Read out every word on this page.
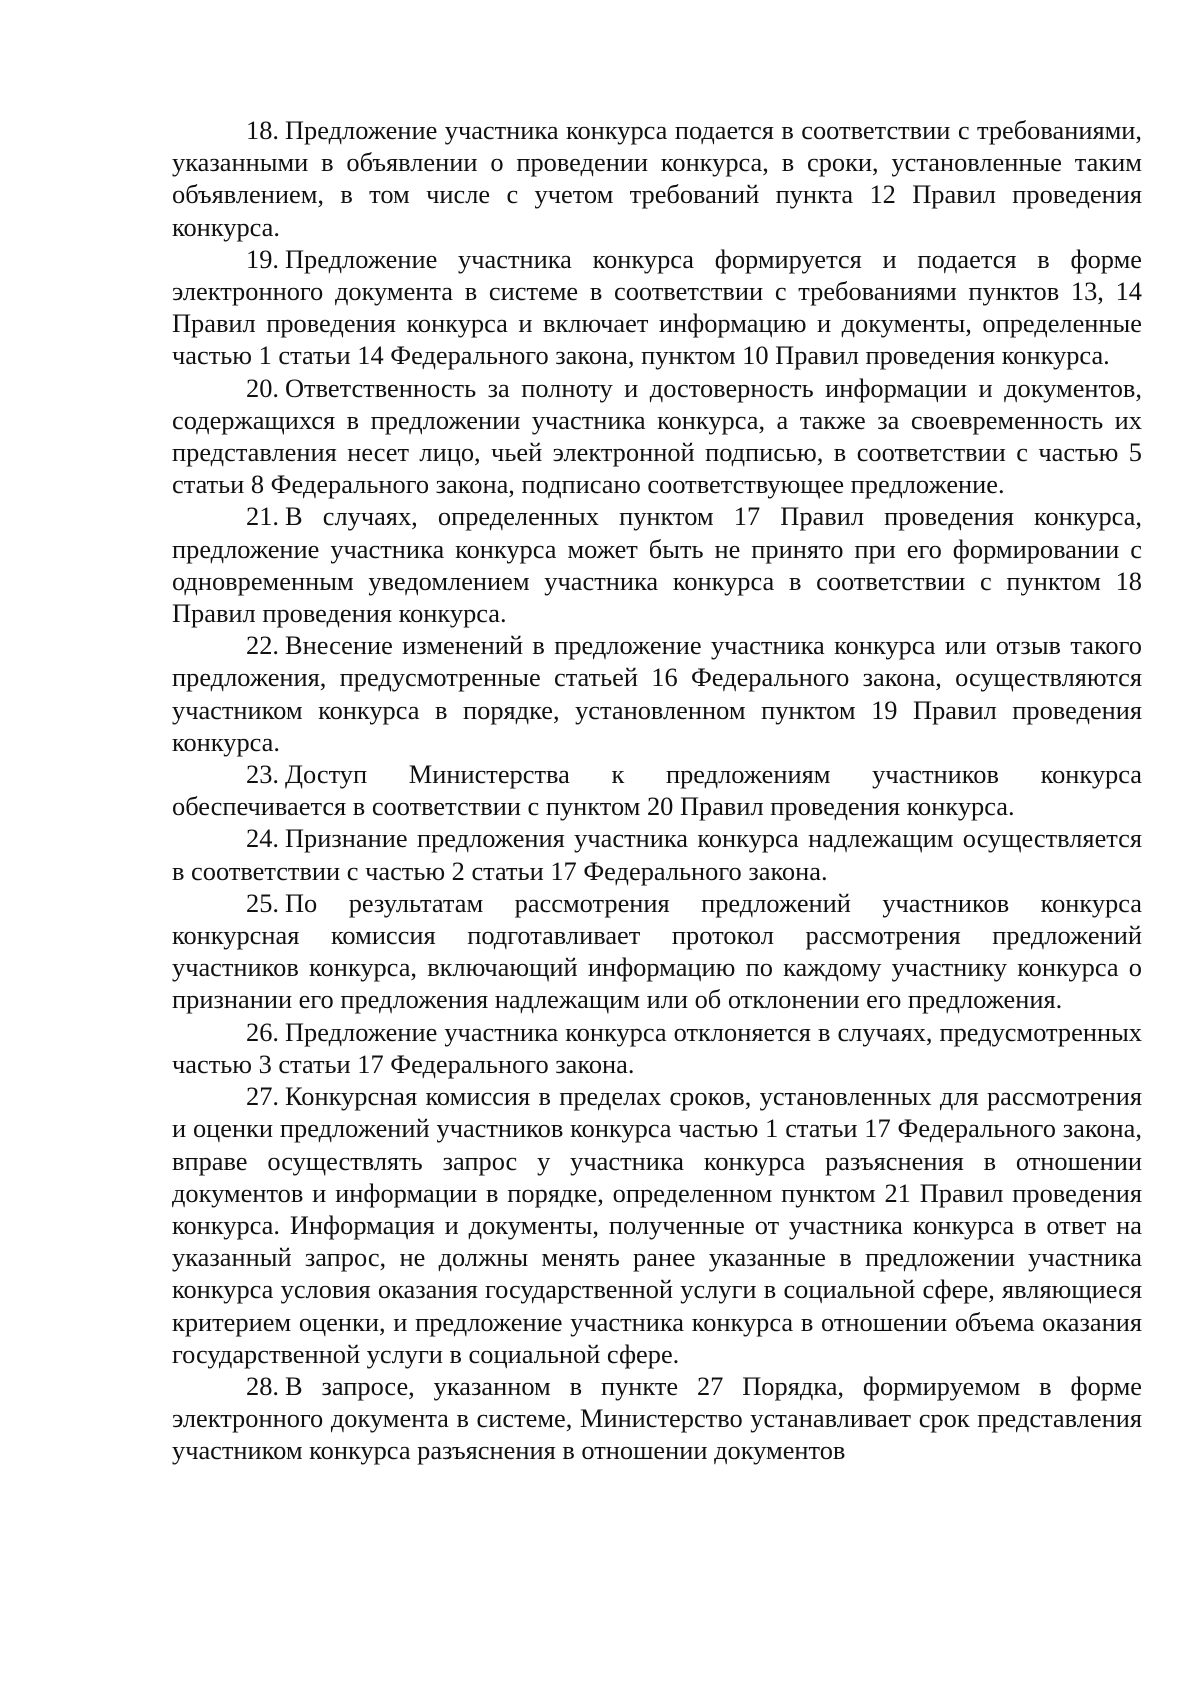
18. Предложение участника конкурса подается в соответствии с требованиями, указанными в объявлении о проведении конкурса, в сроки, установленные таким объявлением, в том числе с учетом требований пункта 12 Правил проведения конкурса.

19. Предложение участника конкурса формируется и подается в форме электронного документа в системе в соответствии с требованиями пунктов 13, 14 Правил проведения конкурса и включает информацию и документы, определенные частью 1 статьи 14 Федерального закона, пунктом 10 Правил проведения конкурса.

20. Ответственность за полноту и достоверность информации и документов, содержащихся в предложении участника конкурса, а также за своевременность их представления несет лицо, чьей электронной подписью, в соответствии с частью 5 статьи 8 Федерального закона, подписано соответствующее предложение.

21. В случаях, определенных пунктом 17 Правил проведения конкурса, предложение участника конкурса может быть не принято при его формировании с одновременным уведомлением участника конкурса в соответствии с пунктом 18 Правил проведения конкурса.

22. Внесение изменений в предложение участника конкурса или отзыв такого предложения, предусмотренные статьей 16 Федерального закона, осуществляются участником конкурса в порядке, установленном пунктом 19 Правил проведения конкурса.

23. Доступ Министерства к предложениям участников конкурса обеспечивается в соответствии с пунктом 20 Правил проведения конкурса.

24. Признание предложения участника конкурса надлежащим осуществляется в соответствии с частью 2 статьи 17 Федерального закона.

25. По результатам рассмотрения предложений участников конкурса конкурсная комиссия подготавливает протокол рассмотрения предложений участников конкурса, включающий информацию по каждому участнику конкурса о признании его предложения надлежащим или об отклонении его предложения.

26. Предложение участника конкурса отклоняется в случаях, предусмотренных частью 3 статьи 17 Федерального закона.

27. Конкурсная комиссия в пределах сроков, установленных для рассмотрения и оценки предложений участников конкурса частью 1 статьи 17 Федерального закона, вправе осуществлять запрос у участника конкурса разъяснения в отношении документов и информации в порядке, определенном пунктом 21 Правил проведения конкурса. Информация и документы, полученные от участника конкурса в ответ на указанный запрос, не должны менять ранее указанные в предложении участника конкурса условия оказания государственной услуги в социальной сфере, являющиеся критерием оценки, и предложение участника конкурса в отношении объема оказания государственной услуги в социальной сфере.

28. В запросе, указанном в пункте 27 Порядка, формируемом в форме электронного документа в системе, Министерство устанавливает срок представления участником конкурса разъяснения в отношении документов
